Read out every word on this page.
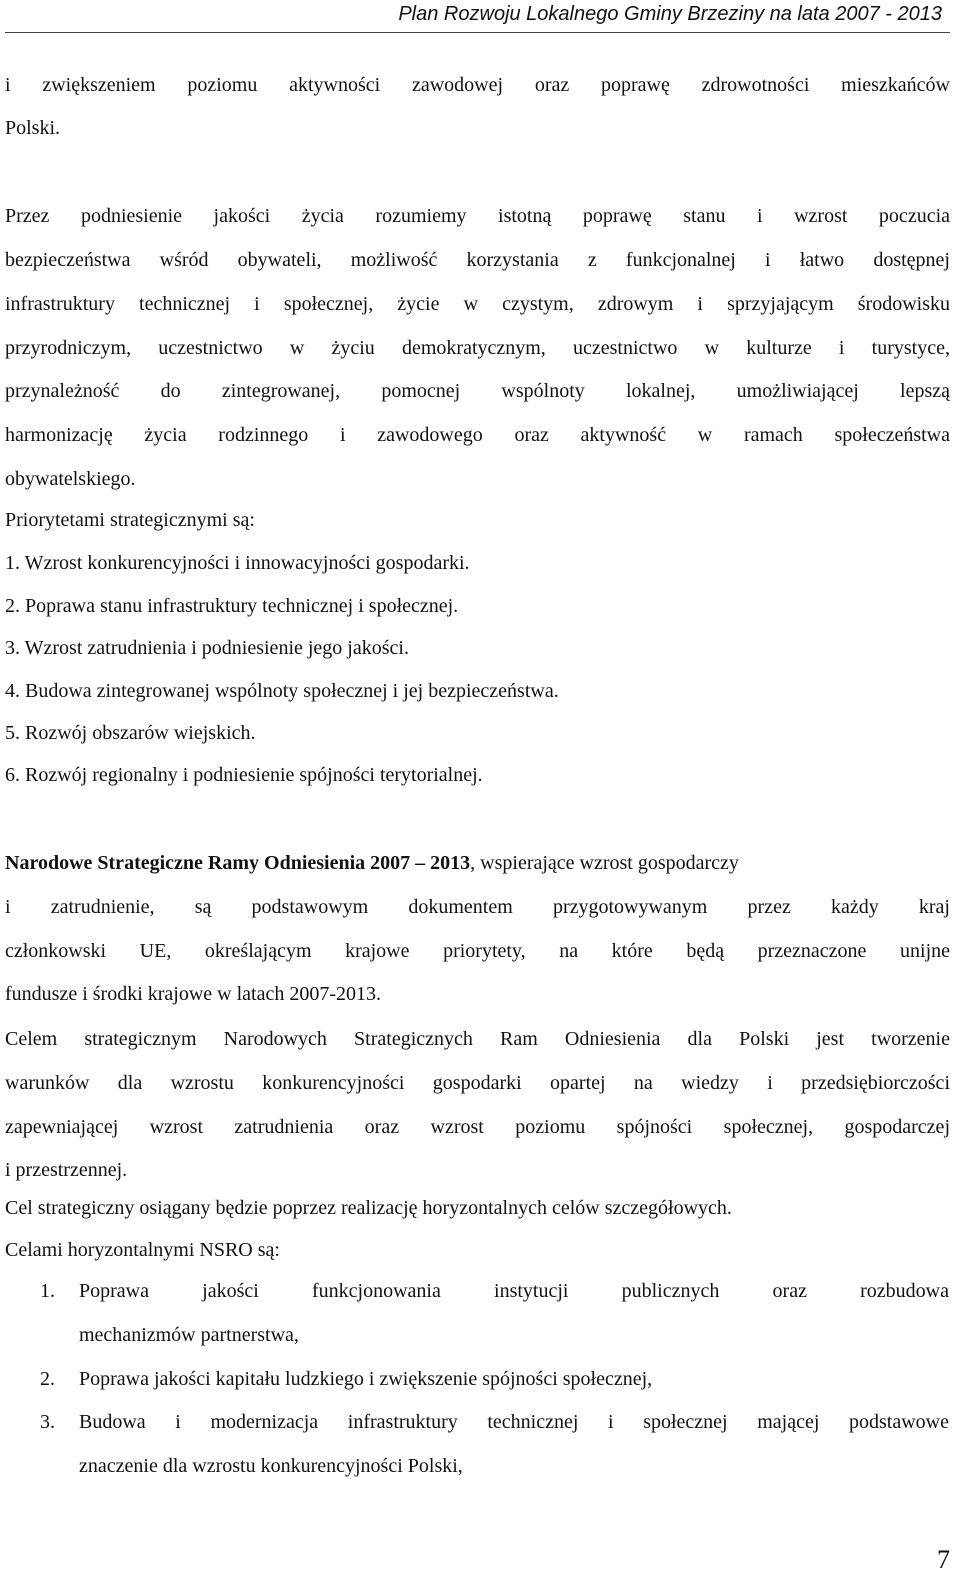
Plan Rozwoju Lokalnego Gminy Brzeziny na lata 2007 - 2013
i zwiększeniem poziomu aktywności zawodowej oraz poprawę zdrowotności mieszkańców
Polski.
Przez podniesienie jakości życia rozumiemy istotną poprawę stanu i wzrost poczucia
bezpieczeństwa wśród obywateli, możliwość korzystania z funkcjonalnej i łatwo dostępnej
infrastruktury technicznej i społecznej, życie w czystym, zdrowym i sprzyjającym środowisku
przyrodniczym, uczestnictwo w życiu demokratycznym, uczestnictwo w kulturze i turystyce,
przynależność do zintegrowanej, pomocnej wspólnoty lokalnej, umożliwiającej lepszą
harmonizację życia rodzinnego i zawodowego oraz aktywność w ramach społeczeństwa
obywatelskiego.
Priorytetami strategicznymi są:
1. Wzrost konkurencyjności i innowacyjności gospodarki.
2. Poprawa stanu infrastruktury technicznej i społecznej.
3. Wzrost zatrudnienia i podniesienie jego jakości.
4. Budowa zintegrowanej wspólnoty społecznej i jej bezpieczeństwa.
5. Rozwój obszarów wiejskich.
6. Rozwój regionalny i podniesienie spójności terytorialnej.
Narodowe Strategiczne Ramy Odniesienia 2007 – 2013, wspierające wzrost gospodarczy
i zatrudnienie, są podstawowym dokumentem przygotowywanym przez każdy kraj
członkowski UE, określającym krajowe priorytety, na które będą przeznaczone unijne
fundusze i środki krajowe w latach 2007-2013.
Celem strategicznym Narodowych Strategicznych Ram Odniesienia dla Polski jest tworzenie
warunków dla wzrostu konkurencyjności gospodarki opartej na wiedzy i przedsiębiorczości
zapewniającej wzrost zatrudnienia oraz wzrost poziomu spójności społecznej, gospodarczej
i przestrzennej.
Cel strategiczny osiągany będzie poprzez realizację horyzontalnych celów szczegółowych.
Celami horyzontalnymi NSRO są:
1. Poprawa jakości funkcjonowania instytucji publicznych oraz rozbudowa
mechanizmów partnerstwa,
2. Poprawa jakości kapitału ludzkiego i zwiększenie spójności społecznej,
3. Budowa i modernizacja infrastruktury technicznej i społecznej mającej podstawowe
znaczenie dla wzrostu konkurencyjności Polski,
7
